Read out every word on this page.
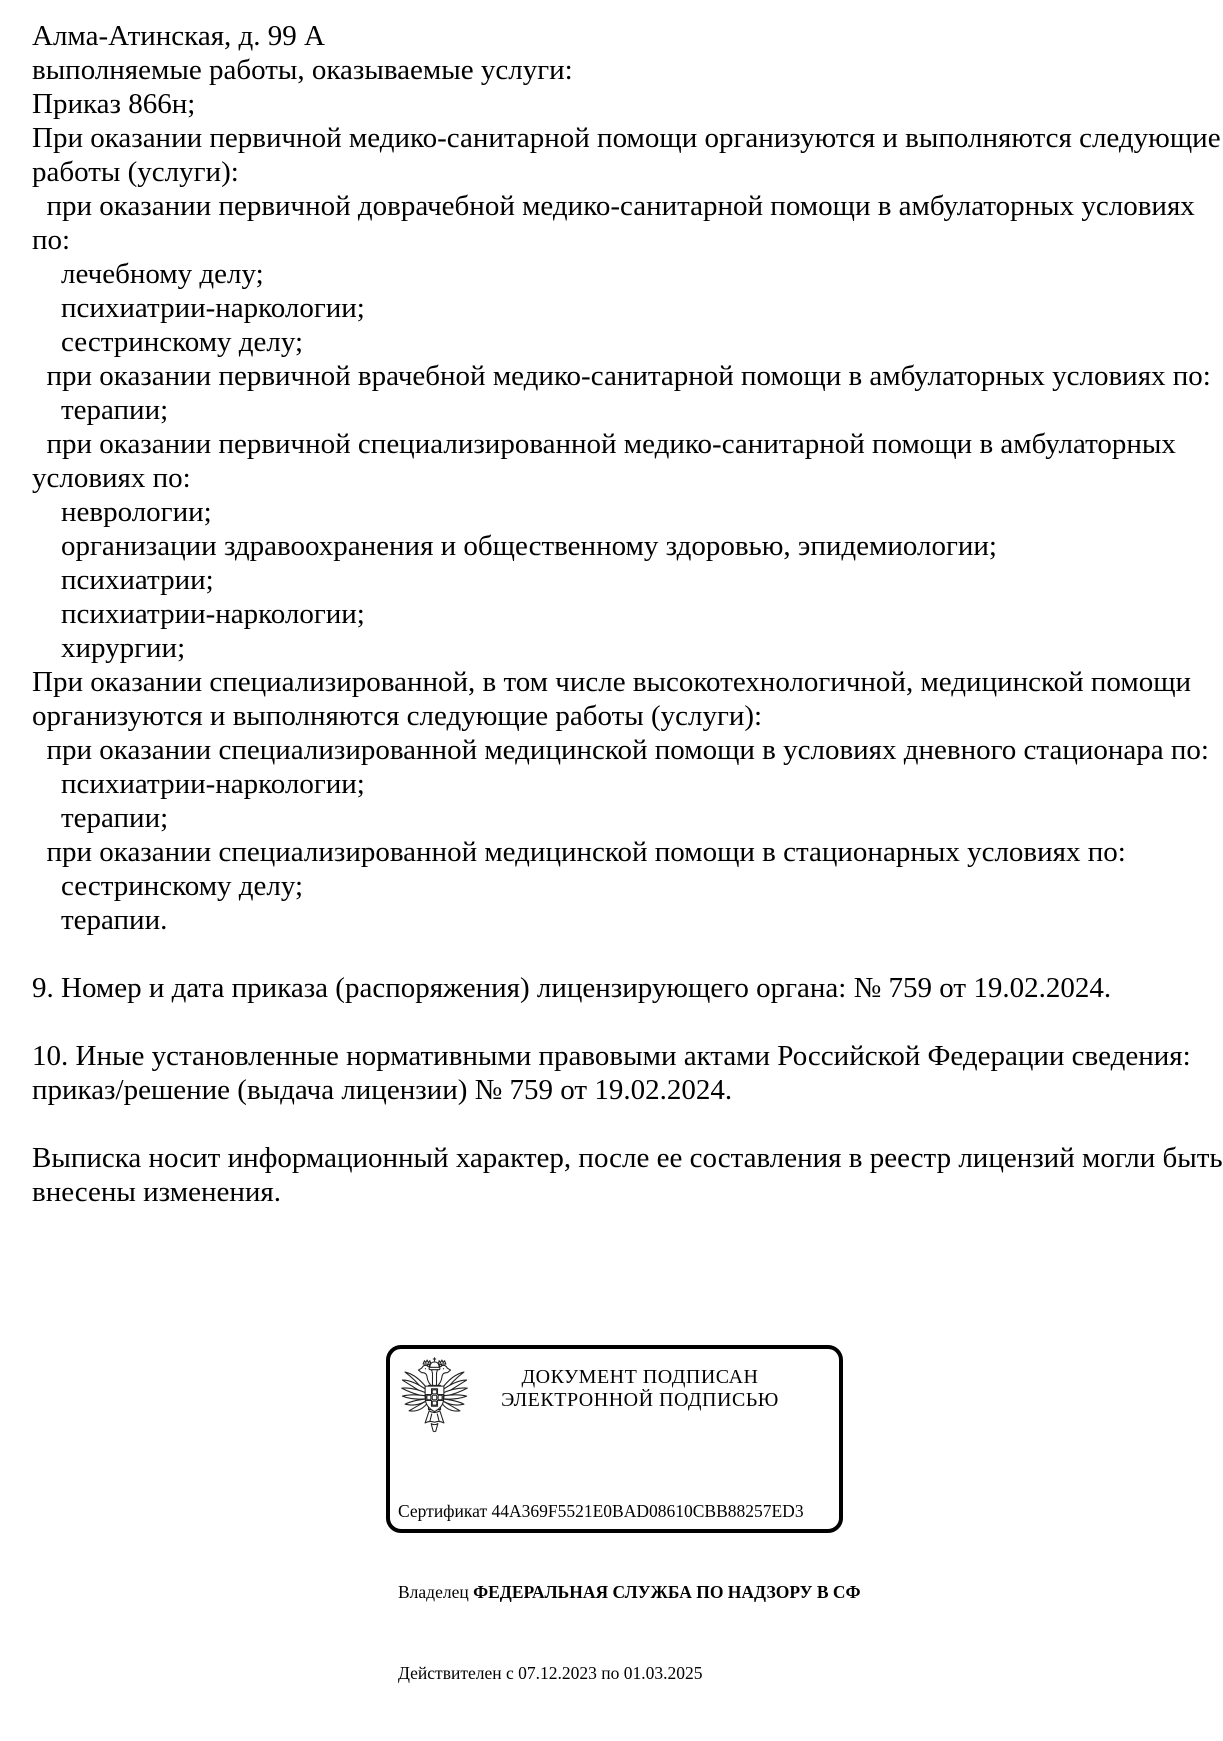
Алма-Атинская, д. 99 А
выполняемые работы, оказываемые услуги:
Приказ 866н;
При оказании первичной медико-санитарной помощи организуются и выполняются следующие
работы (услуги):
при оказании первичной доврачебной медико-санитарной помощи в амбулаторных условиях
по:
лечебному делу;
психиатрии-наркологии;
сестринскому делу;
при оказании первичной врачебной медико-санитарной помощи в амбулаторных условиях по:
терапии;
при оказании первичной специализированной медико-санитарной помощи в амбулаторных
условиях по:
неврологии;
организации здравоохранения и общественному здоровью, эпидемиологии;
психиатрии;
психиатрии-наркологии;
хирургии;
При оказании специализированной, в том числе высокотехнологичной, медицинской помощи
организуются и выполняются следующие работы (услуги):
при оказании специализированной медицинской помощи в условиях дневного стационара по:
психиатрии-наркологии;
терапии;
при оказании специализированной медицинской помощи в стационарных условиях по:
сестринскому делу;
терапии.

9. Номер и дата приказа (распоряжения) лицензирующего органа: № 759 от 19.02.2024.

10. Иные установленные нормативными правовыми актами Российской Федерации сведения:
приказ/решение (выдача лицензии) № 759 от 19.02.2024.

Выписка носит информационный характер, после ее составления в реестр лицензий могли быть
внесены изменения.
ДОКУМЕНТ ПОДПИСАН
ЭЛЕКТРОННОЙ ПОДПИСЬЮ

Сертификат 44A369F5521E0BAD08610CBB88257ED3

Владелец ФЕДЕРАЛЬНАЯ СЛУЖБА ПО НАДЗОРУ В СФ

Действителен с 07.12.2023 по 01.03.2025
